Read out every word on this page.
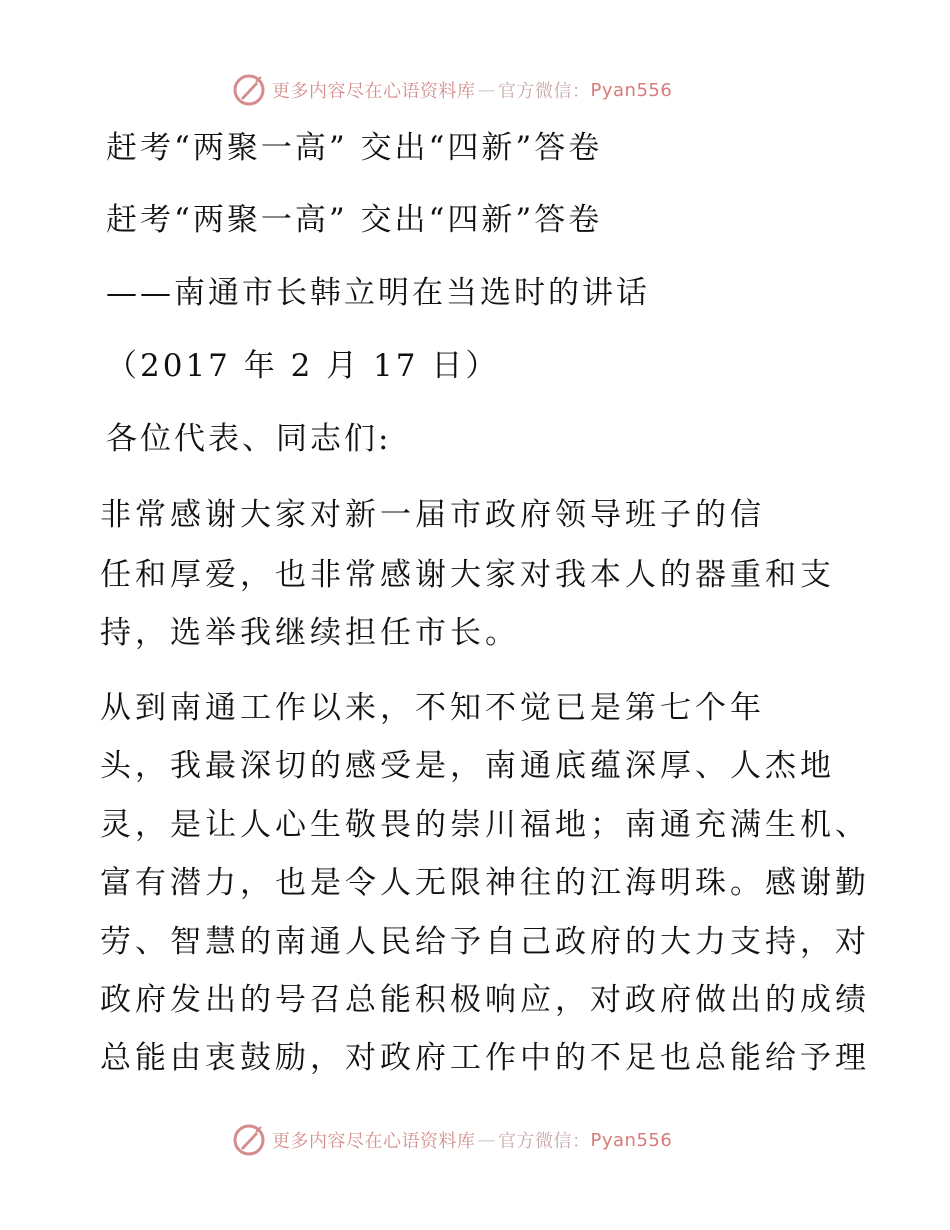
更多内容尽在心语资料库 — 官方微信： Pyan556
赶考“两聚一高” 交出“四新”答卷
赶考“两聚一高” 交出“四新”答卷
——南通市长韩立明在当选时的讲话
（2017 年 2 月 17 日）
各位代表、同志们:
非常感谢大家对新一届市政府领导班子的信
任和厚爱，也非常感谢大家对我本人的器重和支
持，选举我继续担任市长。
从到南通工作以来，不知不觉已是第七个年
头，我最深切的感受是，南通底蕴深厚、人杰地
灵，是让人心生敬畏的崇川福地；南通充满生机、
富有潜力，也是令人无限神往的江海明珠。感谢勤
劳、智慧的南通人民给予自己政府的大力支持，对
政府发出的号召总能积极响应，对政府做出的成绩
总能由衷鼓励，对政府工作中的不足也总能给予理
更多内容尽在心语资料库 — 官方微信： Pyan556
